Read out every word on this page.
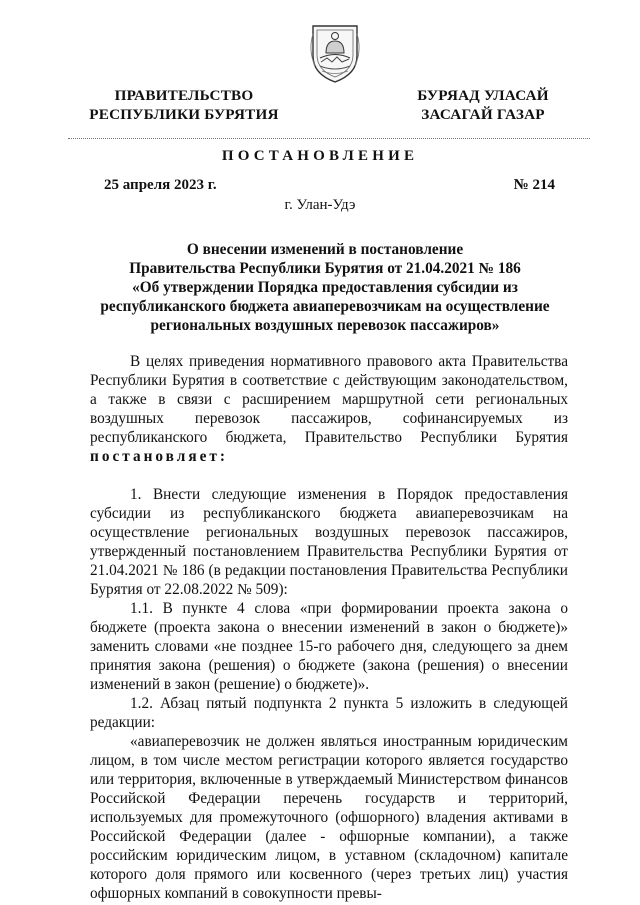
ПРАВИТЕЛЬСТВО
РЕСПУБЛИКИ БУРЯТИЯ
БУРЯАД УЛАСАЙ
ЗАСАГАЙ ГАЗАР
ПОСТАНОВЛЕНИЕ
25 апреля 2023 г.	№ 214
г. Улан-Удэ
О внесении изменений в постановление
Правительства Республики Бурятия от 21.04.2021 № 186
«Об утверждении Порядка предоставления субсидии из
республиканского бюджета авиаперевозчикам на осуществление
региональных воздушных перевозок пассажиров»

В целях приведения нормативного правового акта Правительства Республики Бурятия в соответствие с действующим законодательством, а также в связи с расширением маршрутной сети региональных воздушных перевозок пассажиров, софинансируемых из республиканского бюджета, Правительство Республики Бурятия постановляет:

1. Внести следующие изменения в Порядок предоставления субсидии из республиканского бюджета авиаперевозчикам на осуществление региональных воздушных перевозок пассажиров, утвержденный постановлением Правительства Республики Бурятия от 21.04.2021 № 186 (в редакции постановления Правительства Республики Бурятия от 22.08.2022 № 509):

1.1. В пункте 4 слова «при формировании проекта закона о бюджете (проекта закона о внесении изменений в закон о бюджете)» заменить словами «не позднее 15-го рабочего дня, следующего за днем принятия закона (решения) о бюджете (закона (решения) о внесении изменений в закон (решение) о бюджете)».

1.2. Абзац пятый подпункта 2 пункта 5 изложить в следующей редакции:

«авиаперевозчик не должен являться иностранным юридическим лицом, в том числе местом регистрации которого является государство или территория, включенные в утверждаемый Министерством финансов Российской Федерации перечень государств и территорий, используемых для промежуточного (офшорного) владения активами в Российской Федерации (далее - офшорные компании), а также российским юридическим лицом, в уставном (складочном) капитале которого доля прямого или косвенного (через третьих лиц) участия офшорных компаний в совокупности превы-
